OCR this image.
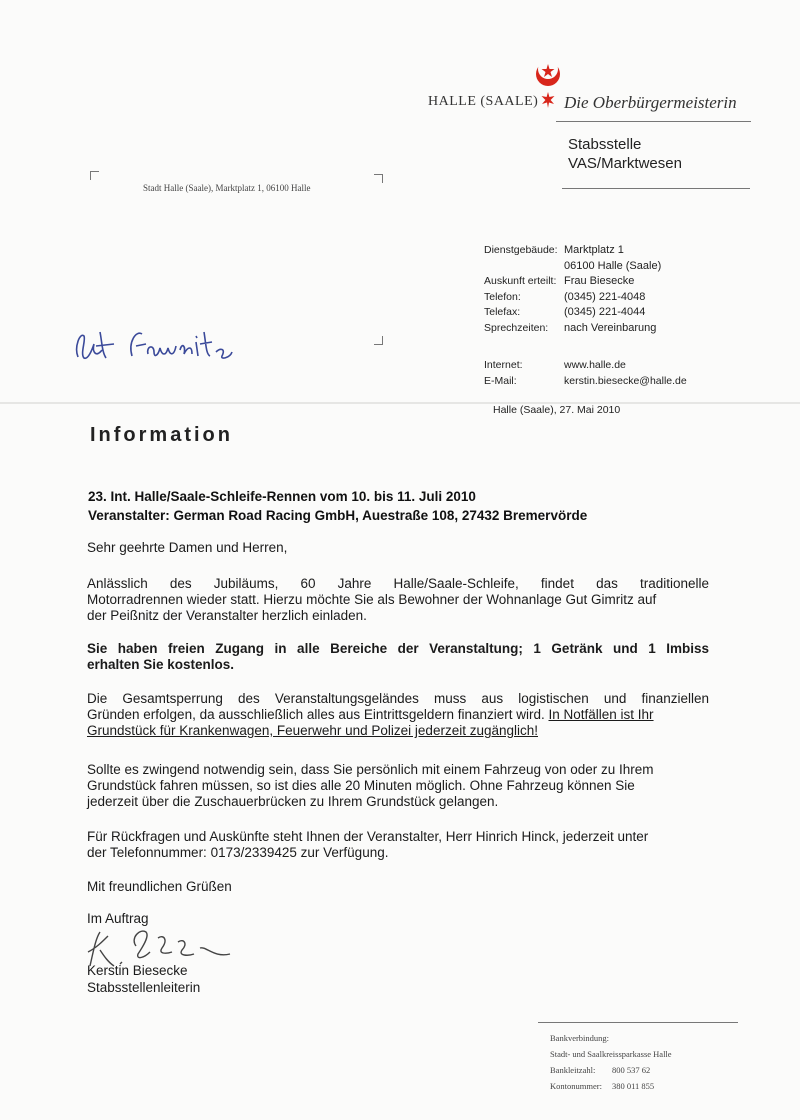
HALLE (SAALE) Die Oberbürgermeisterin
Stabsstelle
VAS/Marktwesen
Stadt Halle (Saale), Marktplatz 1, 06100 Halle
Dienstgebäude: Marktplatz 1
06100 Halle (Saale)
Auskunft erteilt: Frau Biesecke
Telefon:	(0345) 221-4048
Telefax:	(0345) 221-4044
Sprechzeiten:	nach Vereinbarung
Internet:	www.halle.de
E-Mail:	kerstin.biesecke@halle.de
Halle (Saale), 27. Mai 2010
Information
23. Int. Halle/Saale-Schleife-Rennen vom 10. bis 11. Juli 2010
Veranstalter: German Road Racing GmbH, Auestraße 108, 27432 Bremervörde
Sehr geehrte Damen und Herren,
Anlässlich des Jubiläums, 60 Jahre Halle/Saale-Schleife, findet das traditionelle
Motorradrennen wieder statt. Hierzu möchte Sie als Bewohner der Wohnanlage Gut Gimritz auf
der Peißnitz der Veranstalter herzlich einladen.
Sie haben freien Zugang in alle Bereiche der Veranstaltung; 1 Getränk und 1 Imbiss
erhalten Sie kostenlos.
Die Gesamtsperrung des Veranstaltungsgeländes muss aus logistischen und finanziellen
Gründen erfolgen, da ausschließlich alles aus Eintrittsgeldern finanziert wird. In Notfällen ist Ihr
Grundstück für Krankenwagen, Feuerwehr und Polizei jederzeit zugänglich!
Sollte es zwingend notwendig sein, dass Sie persönlich mit einem Fahrzeug von oder zu Ihrem
Grundstück fahren müssen, so ist dies alle 20 Minuten möglich. Ohne Fahrzeug können Sie
jederzeit über die Zuschauerbrücken zu Ihrem Grundstück gelangen.
Für Rückfragen und Auskünfte steht Ihnen der Veranstalter, Herr Hinrich Hinck, jederzeit unter
der Telefonnummer: 0173/2339425 zur Verfügung.
Mit freundlichen Grüßen
Im Auftrag
Kerstin Biesecke
Stabsstellenleiterin
Bankverbindung:
Stadt- und Saalkreissparkasse Halle
Bankleitzahl:	800 537 62
Kontonummer:	380 011 855
